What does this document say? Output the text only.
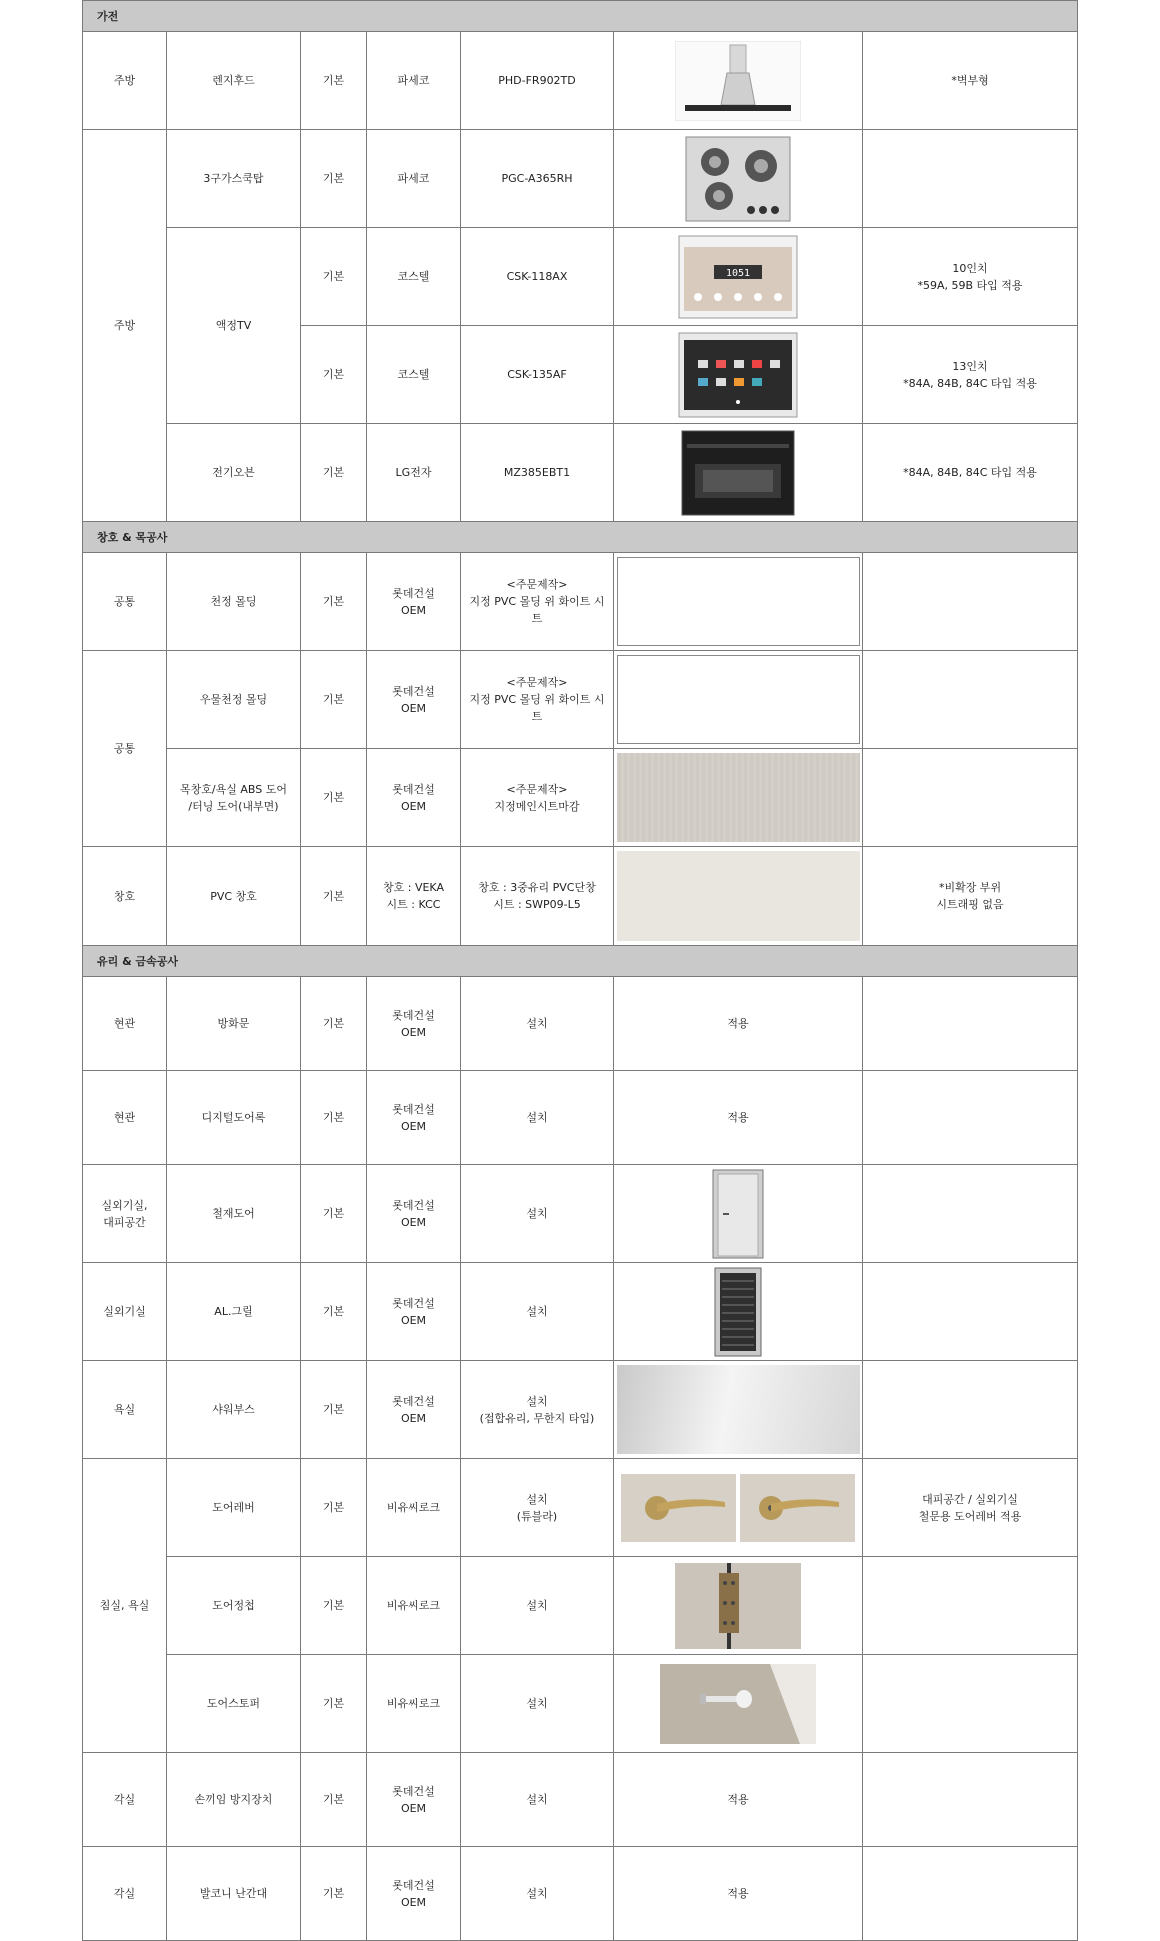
가전						
주방	렌지후드	기본	파세코	PHD-FR902TD		*벽부형
주방	3구가스쿡탑	기본	파세코	PGC-A365RH	

	액정TV	기본	코스텔	CSK-118AX	1051	10인치
*59A, 59B 타입 적용
		기본	코스텔	CSK-135AF		13인치
*84A, 84B, 84C 타입 적용
	전기오븐	기본	LG전자	MZ385EBT1		*84A, 84B, 84C 타입 적용
창호 & 목공사						
공통	천정 몰딩	기본	롯데건설
OEM	<주문제작>
지정 PVC 몰딩 위 화이트 시트	

공통	우물천정 몰딩	기본	롯데건설
OEM	<주문제작>
지정 PVC 몰딩 위 화이트 시트	

	목창호/욕실 ABS 도어
/터닝 도어(내부면)	기본	롯데건설
OEM	<주문제작>
지정메인시트마감	

창호	PVC 창호	기본	창호 : VEKA
시트 : KCC	창호 : 3중유리 PVC단창
시트 : SWP09-L5		*비확장 부위
시트래핑 없음
유리 & 금속공사						
현관	방화문	기본	롯데건설
OEM	설치	적용	
현관	디지털도어록	기본	롯데건설
OEM	설치	적용	
실외기실,
대피공간	철재도어	기본	롯데건설
OEM	설치	

실외기실	AL.그릴	기본	롯데건설
OEM	설치	

욕실	샤워부스	기본	롯데건설
OEM	설치
(접합유리, 무한지 타입)	

침실, 욕실	도어레버	기본	비유씨로크	설치
(튜블라)		대피공간 / 실외기실
철문용 도어레버 적용
	도어정첩	기본	비유씨로크	설치	

	도어스토퍼	기본	비유씨로크	설치	

각실	손끼임 방지장치	기본	롯데건설
OEM	설치	적용	
각실	발코니 난간대	기본	롯데건설
OEM	설치	적용	
